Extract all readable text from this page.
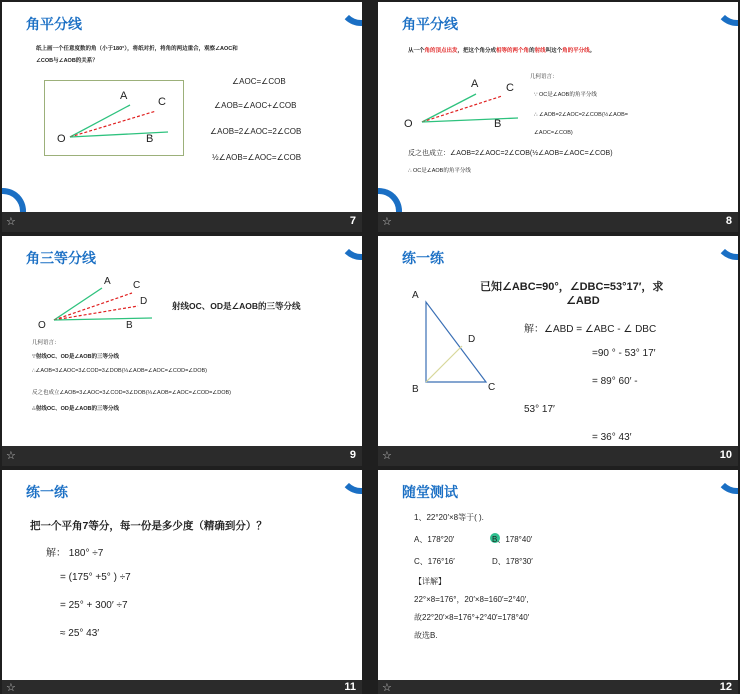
角平分线
纸上画一个任意度数的角（小于180°），将纸对折，将角的两边重合，观察∠AOC和
∠COB与∠AOB的关系？
A	C
O	B
∠AOC=∠COB
∠AOB=∠AOC+∠COB
∠AOB=2∠AOC=2∠COB
½∠AOB=∠AOC=∠COB
☆	7
角平分线
从一个角的顶点出发，把这个角分成相等的两个角的射线叫这个角的平分线。
A	C
O	B
几何语言：
∵ OC是∠AOB的角平分线
∴ ∠AOB=2∠AOC=2∠COB(½∠AOB=
∠AOC=∠COB)
反之也成立：∠AOB=2∠AOC=2∠COB(½∠AOB=∠AOC=∠COB)
∴ OC是∠AOB的角平分线
☆	8
角三等分线
A C
D
O	B
射线OC、OD是∠AOB的三等分线
几何语言：
∵射线OC、OD是∠AOB的三等分线
∴∠AOB=3∠AOC=3∠COD=3∠DOB(⅓∠AOB=∠AOC=∠COD=∠DOB)
反之也成立∠AOB=3∠AOC=3∠COD=3∠DOB(⅓∠AOB=∠AOC=∠COD=∠DOB)
∴射线OC、OD是∠AOB的三等分线
☆	9
练一练
已知∠ABC=90°，∠DBC=53°17′，求
∠ABD
A
D
B	C
解：∠ABD = ∠ABC - ∠ DBC
=90 ° - 53° 17′
= 89° 60′ -
53° 17′
= 36° 43′
☆	10
练一练
把一个平角7等分，每一份是多少度（精确到分）？
解： 180° ÷7
= (175° +5° ) ÷7
= 25° + 300′ ÷7
≈ 25° 43′
☆	11
随堂测试
1、22°20′×8等于( ).
A、178°20′	B、178°40′
C、176°16′	D、178°30′
【详解】
22°×8=176°，20′×8=160′=2°40′,
故22°20′×8=176°+2°40′=178°40′
故选B.
☆	12
